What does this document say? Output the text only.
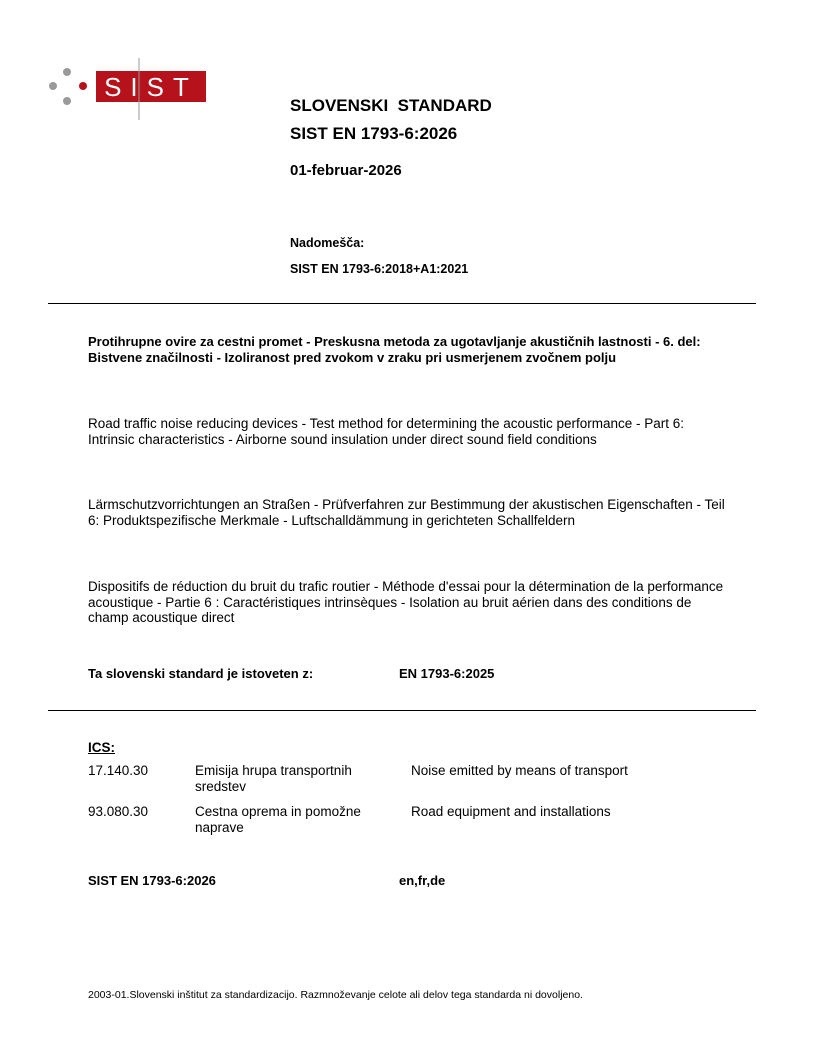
SIST
SLOVENSKI  STANDARD
SIST EN 1793-6:2026
01-februar-2026
Nadomešča:
SIST EN 1793-6:2018+A1:2021
Protihrupne ovire za cestni promet - Preskusna metoda za ugotavljanje akustičnih lastnosti - 6. del: Bistvene značilnosti - Izoliranost pred zvokom v zraku pri usmerjenem zvočnem polju
Road traffic noise reducing devices - Test method for determining the acoustic performance - Part 6: Intrinsic characteristics - Airborne sound insulation under direct sound field conditions
Lärmschutzvorrichtungen an Straßen - Prüfverfahren zur Bestimmung der akustischen Eigenschaften - Teil 6: Produktspezifische Merkmale - Luftschalldämmung in gerichteten Schallfeldern
Dispositifs de réduction du bruit du trafic routier - Méthode d'essai pour la détermination de la performance acoustique - Partie 6 : Caractéristiques intrinsèques - Isolation au bruit aérien dans des conditions de champ acoustique direct
Ta slovenski standard je istoveten z:	EN 1793-6:2025
ICS:
17.140.30	Emisija hrupa transportnih sredstev
Noise emitted by means of transport
93.080.30	Cestna oprema in pomožne naprave
Road equipment and installations
SIST EN 1793-6:2026	en,fr,de
2003-01.Slovenski inštitut za standardizacijo. Razmnoževanje celote ali delov tega standarda ni dovoljeno.
